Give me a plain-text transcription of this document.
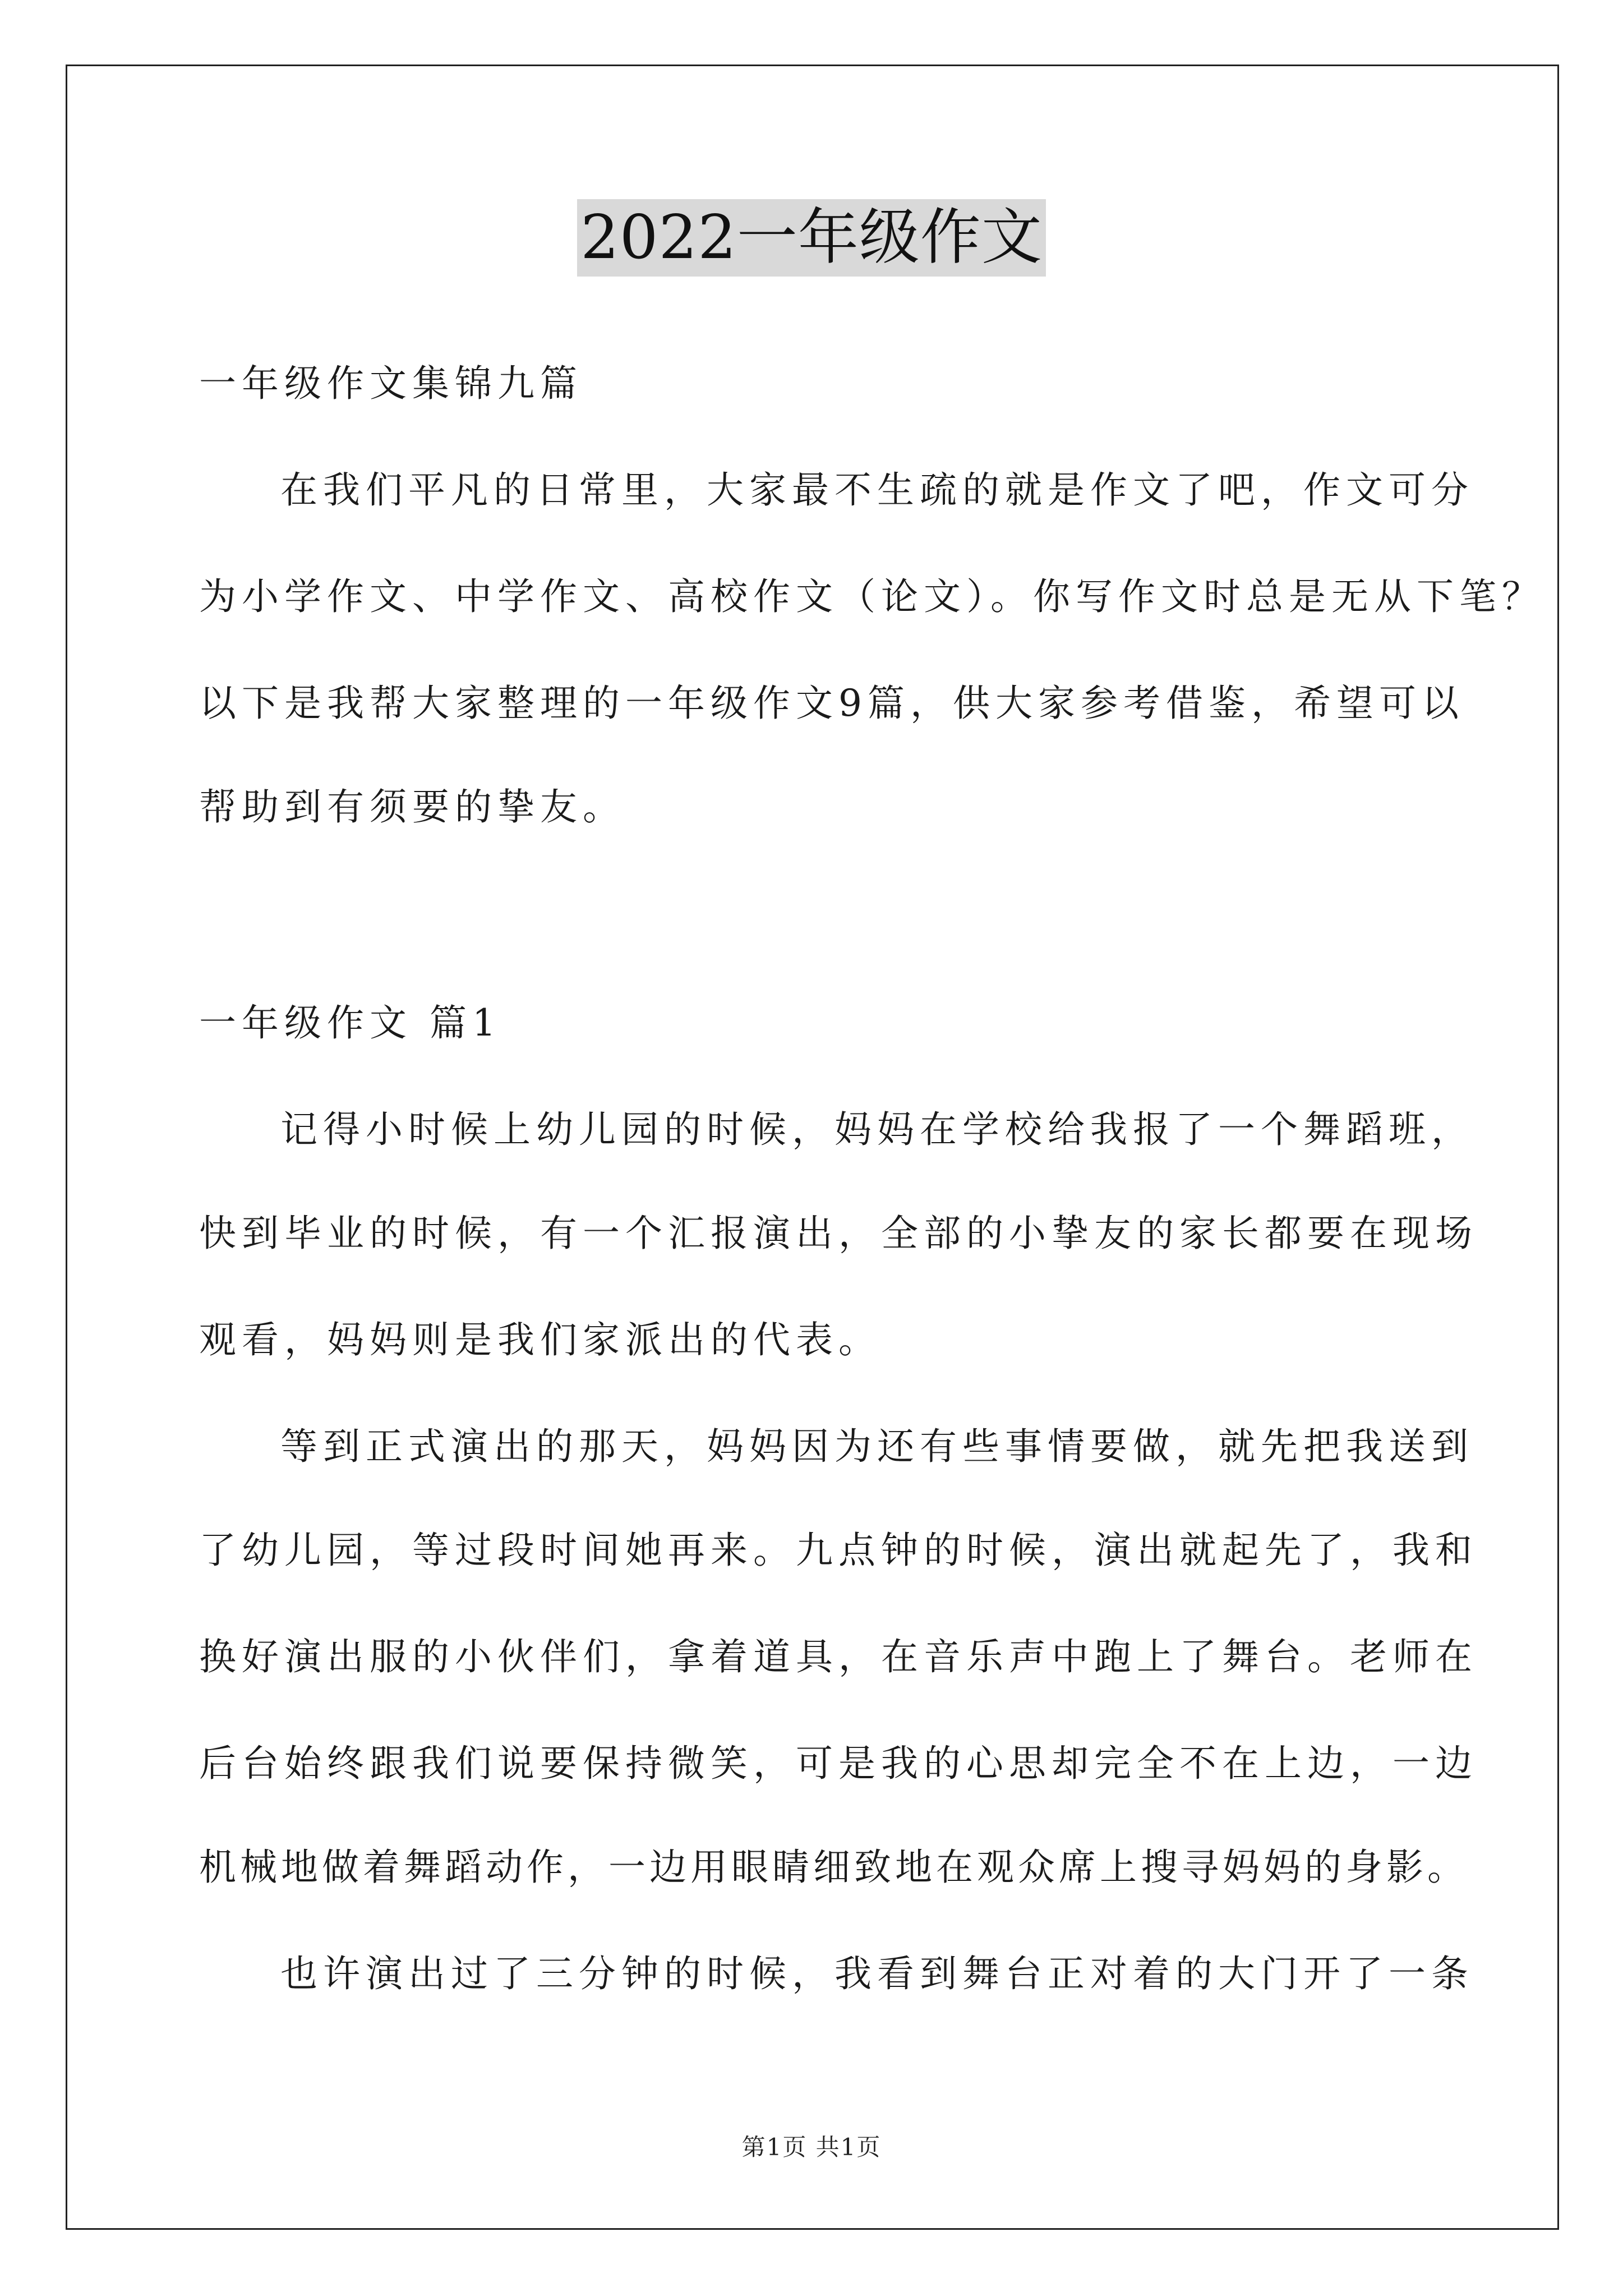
2022一年级作文
一年级作文集锦九篇
在我们平凡的日常里，大家最不生疏的就是作文了吧，作文可分
为小学作文、中学作文、高校作文（论文）。你写作文时总是无从下笔？
以下是我帮大家整理的一年级作文9篇，供大家参考借鉴，希望可以
帮助到有须要的挚友。
一年级作文 篇1
记得小时候上幼儿园的时候，妈妈在学校给我报了一个舞蹈班，
快到毕业的时候，有一个汇报演出，全部的小挚友的家长都要在现场
观看，妈妈则是我们家派出的代表。
等到正式演出的那天，妈妈因为还有些事情要做，就先把我送到
了幼儿园，等过段时间她再来。九点钟的时候，演出就起先了，我和
换好演出服的小伙伴们，拿着道具，在音乐声中跑上了舞台。老师在
后台始终跟我们说要保持微笑，可是我的心思却完全不在上边，一边
机械地做着舞蹈动作，一边用眼睛细致地在观众席上搜寻妈妈的身影。
也许演出过了三分钟的时候，我看到舞台正对着的大门开了一条
第1页 共1页
